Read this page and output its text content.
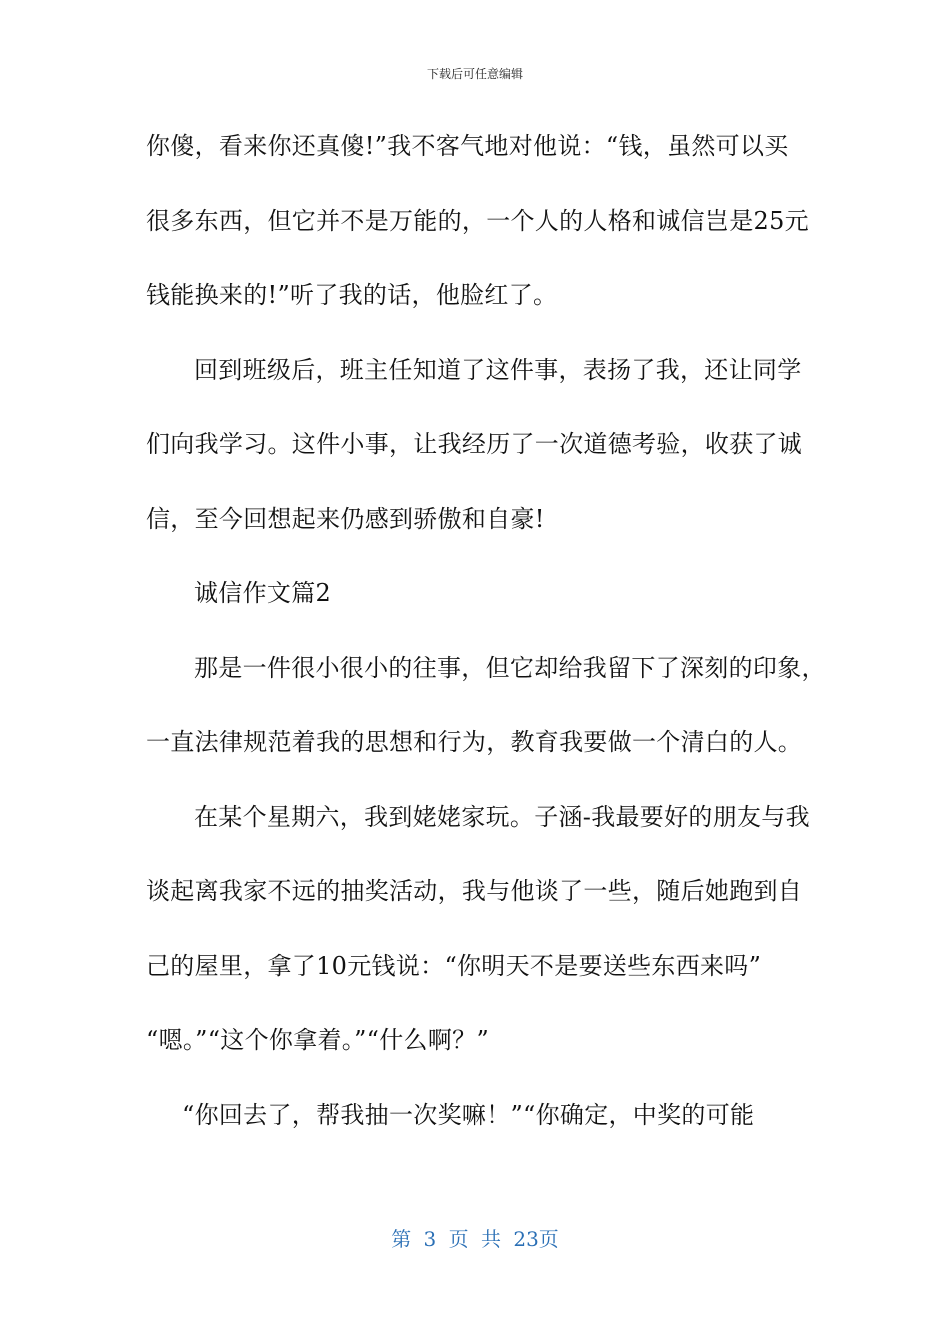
下载后可任意编辑
你傻，看来你还真傻!”我不客气地对他说：“钱，虽然可以买
很多东西，但它并不是万能的，一个人的人格和诚信岂是25元
钱能换来的!”听了我的话，他脸红了。
回到班级后，班主任知道了这件事，表扬了我，还让同学
们向我学习。这件小事，让我经历了一次道德考验，收获了诚
信，至今回想起来仍感到骄傲和自豪!
诚信作文篇2
那是一件很小很小的往事，但它却给我留下了深刻的印象，
一直法律规范着我的思想和行为，教育我要做一个清白的人。
在某个星期六，我到姥姥家玩。子涵-我最要好的朋友与我
谈起离我家不远的抽奖活动，我与他谈了一些，随后她跑到自
己的屋里，拿了10元钱说：“你明天不是要送些东西来吗”
“嗯。”“这个你拿着。”“什么啊？”
“你回去了，帮我抽一次奖嘛！”“你确定，中奖的可能
第 3 页 共 23页
